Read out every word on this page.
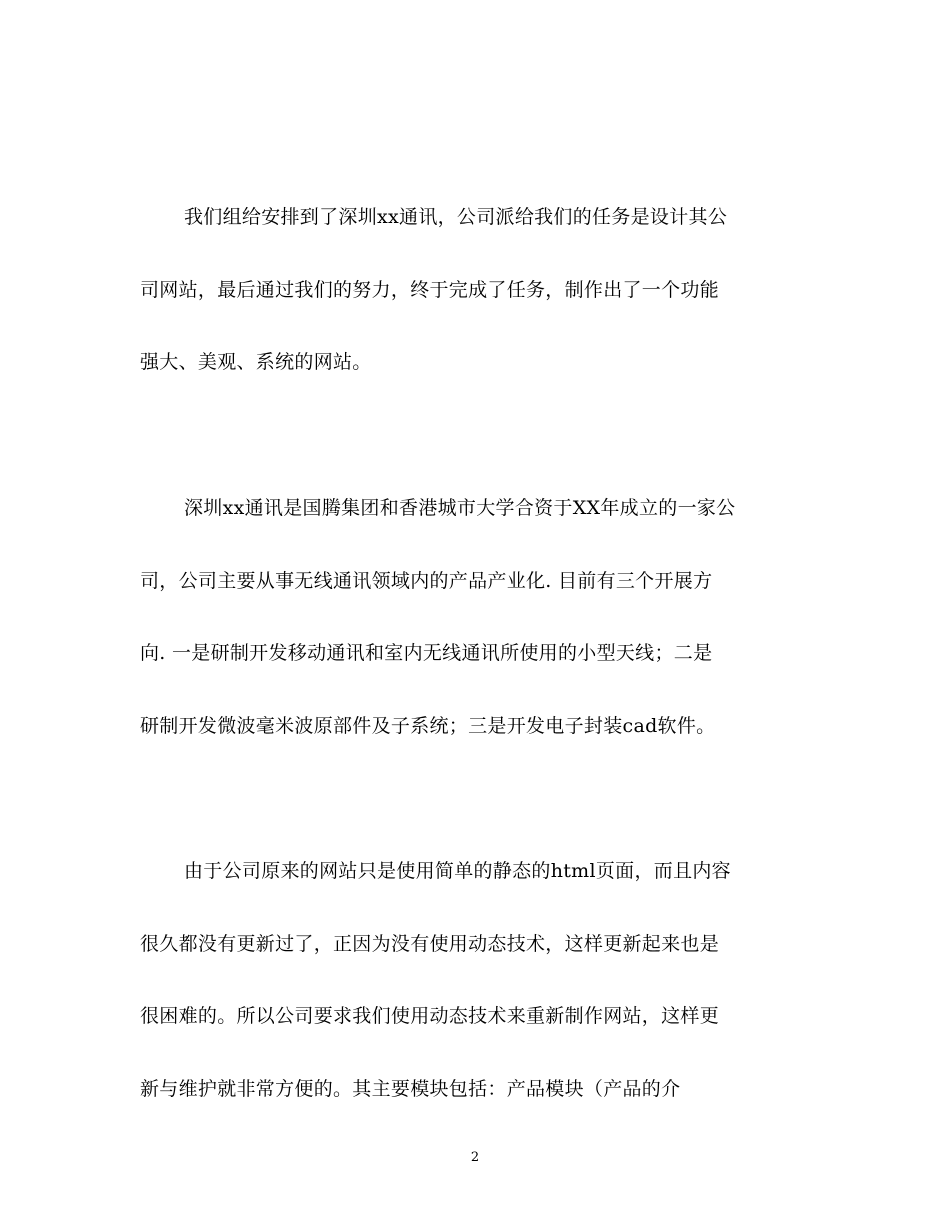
我们组给安排到了深圳xx通讯，公司派给我们的任务是设计其公
司网站，最后通过我们的努力，终于完成了任务，制作出了一个功能
强大、美观、系统的网站。
深圳xx通讯是国腾集团和香港城市大学合资于XX年成立的一家公
司，公司主要从事无线通讯领域内的产品产业化. 目前有三个开展方
向. 一是研制开发移动通讯和室内无线通讯所使用的小型天线；二是
研制开发微波毫米波原部件及子系统；三是开发电子封装cad软件。
由于公司原来的网站只是使用简单的静态的html页面，而且内容
很久都没有更新过了，正因为没有使用动态技术，这样更新起来也是
很困难的。所以公司要求我们使用动态技术来重新制作网站，这样更
新与维护就非常方便的。其主要模块包括：产品模块（产品的介
2
